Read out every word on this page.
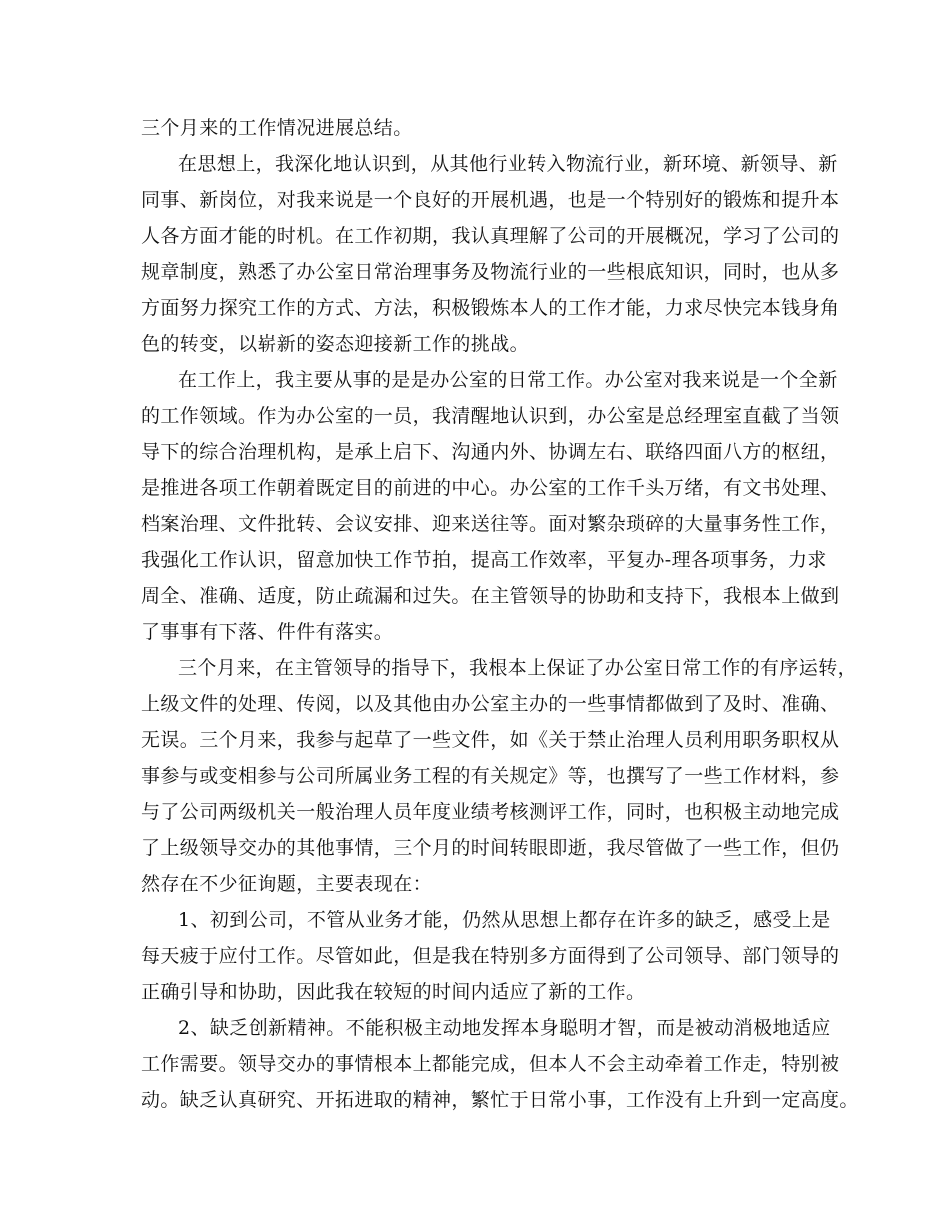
三个月来的工作情况进展总结。
在思想上，我深化地认识到，从其他行业转入物流行业，新环境、新领导、新
同事、新岗位，对我来说是一个良好的开展机遇，也是一个特别好的锻炼和提升本
人各方面才能的时机。在工作初期，我认真理解了公司的开展概况，学习了公司的
规章制度，熟悉了办公室日常治理事务及物流行业的一些根底知识，同时，也从多
方面努力探究工作的方式、方法，积极锻炼本人的工作才能，力求尽快完本钱身角
色的转变，以崭新的姿态迎接新工作的挑战。
在工作上，我主要从事的是是办公室的日常工作。办公室对我来说是一个全新
的工作领域。作为办公室的一员，我清醒地认识到，办公室是总经理室直截了当领
导下的综合治理机构，是承上启下、沟通内外、协调左右、联络四面八方的枢纽，
是推进各项工作朝着既定目的前进的中心。办公室的工作千头万绪，有文书处理、
档案治理、文件批转、会议安排、迎来送往等。面对繁杂琐碎的大量事务性工作，
我强化工作认识，留意加快工作节拍，提高工作效率，平复办-理各项事务，力求
周全、准确、适度，防止疏漏和过失。在主管领导的协助和支持下，我根本上做到
了事事有下落、件件有落实。
三个月来，在主管领导的指导下，我根本上保证了办公室日常工作的有序运转，
上级文件的处理、传阅，以及其他由办公室主办的一些事情都做到了及时、准确、
无误。三个月来，我参与起草了一些文件，如《关于禁止治理人员利用职务职权从
事参与或变相参与公司所属业务工程的有关规定》等，也撰写了一些工作材料，参
与了公司两级机关一般治理人员年度业绩考核测评工作，同时，也积极主动地完成
了上级领导交办的其他事情，三个月的时间转眼即逝，我尽管做了一些工作，但仍
然存在不少征询题，主要表现在：
1、初到公司，不管从业务才能，仍然从思想上都存在许多的缺乏，感受上是
每天疲于应付工作。尽管如此，但是我在特别多方面得到了公司领导、部门领导的
正确引导和协助，因此我在较短的时间内适应了新的工作。
2、缺乏创新精神。不能积极主动地发挥本身聪明才智，而是被动消极地适应
工作需要。领导交办的事情根本上都能完成，但本人不会主动牵着工作走，特别被
动。缺乏认真研究、开拓进取的精神，繁忙于日常小事，工作没有上升到一定高度。
